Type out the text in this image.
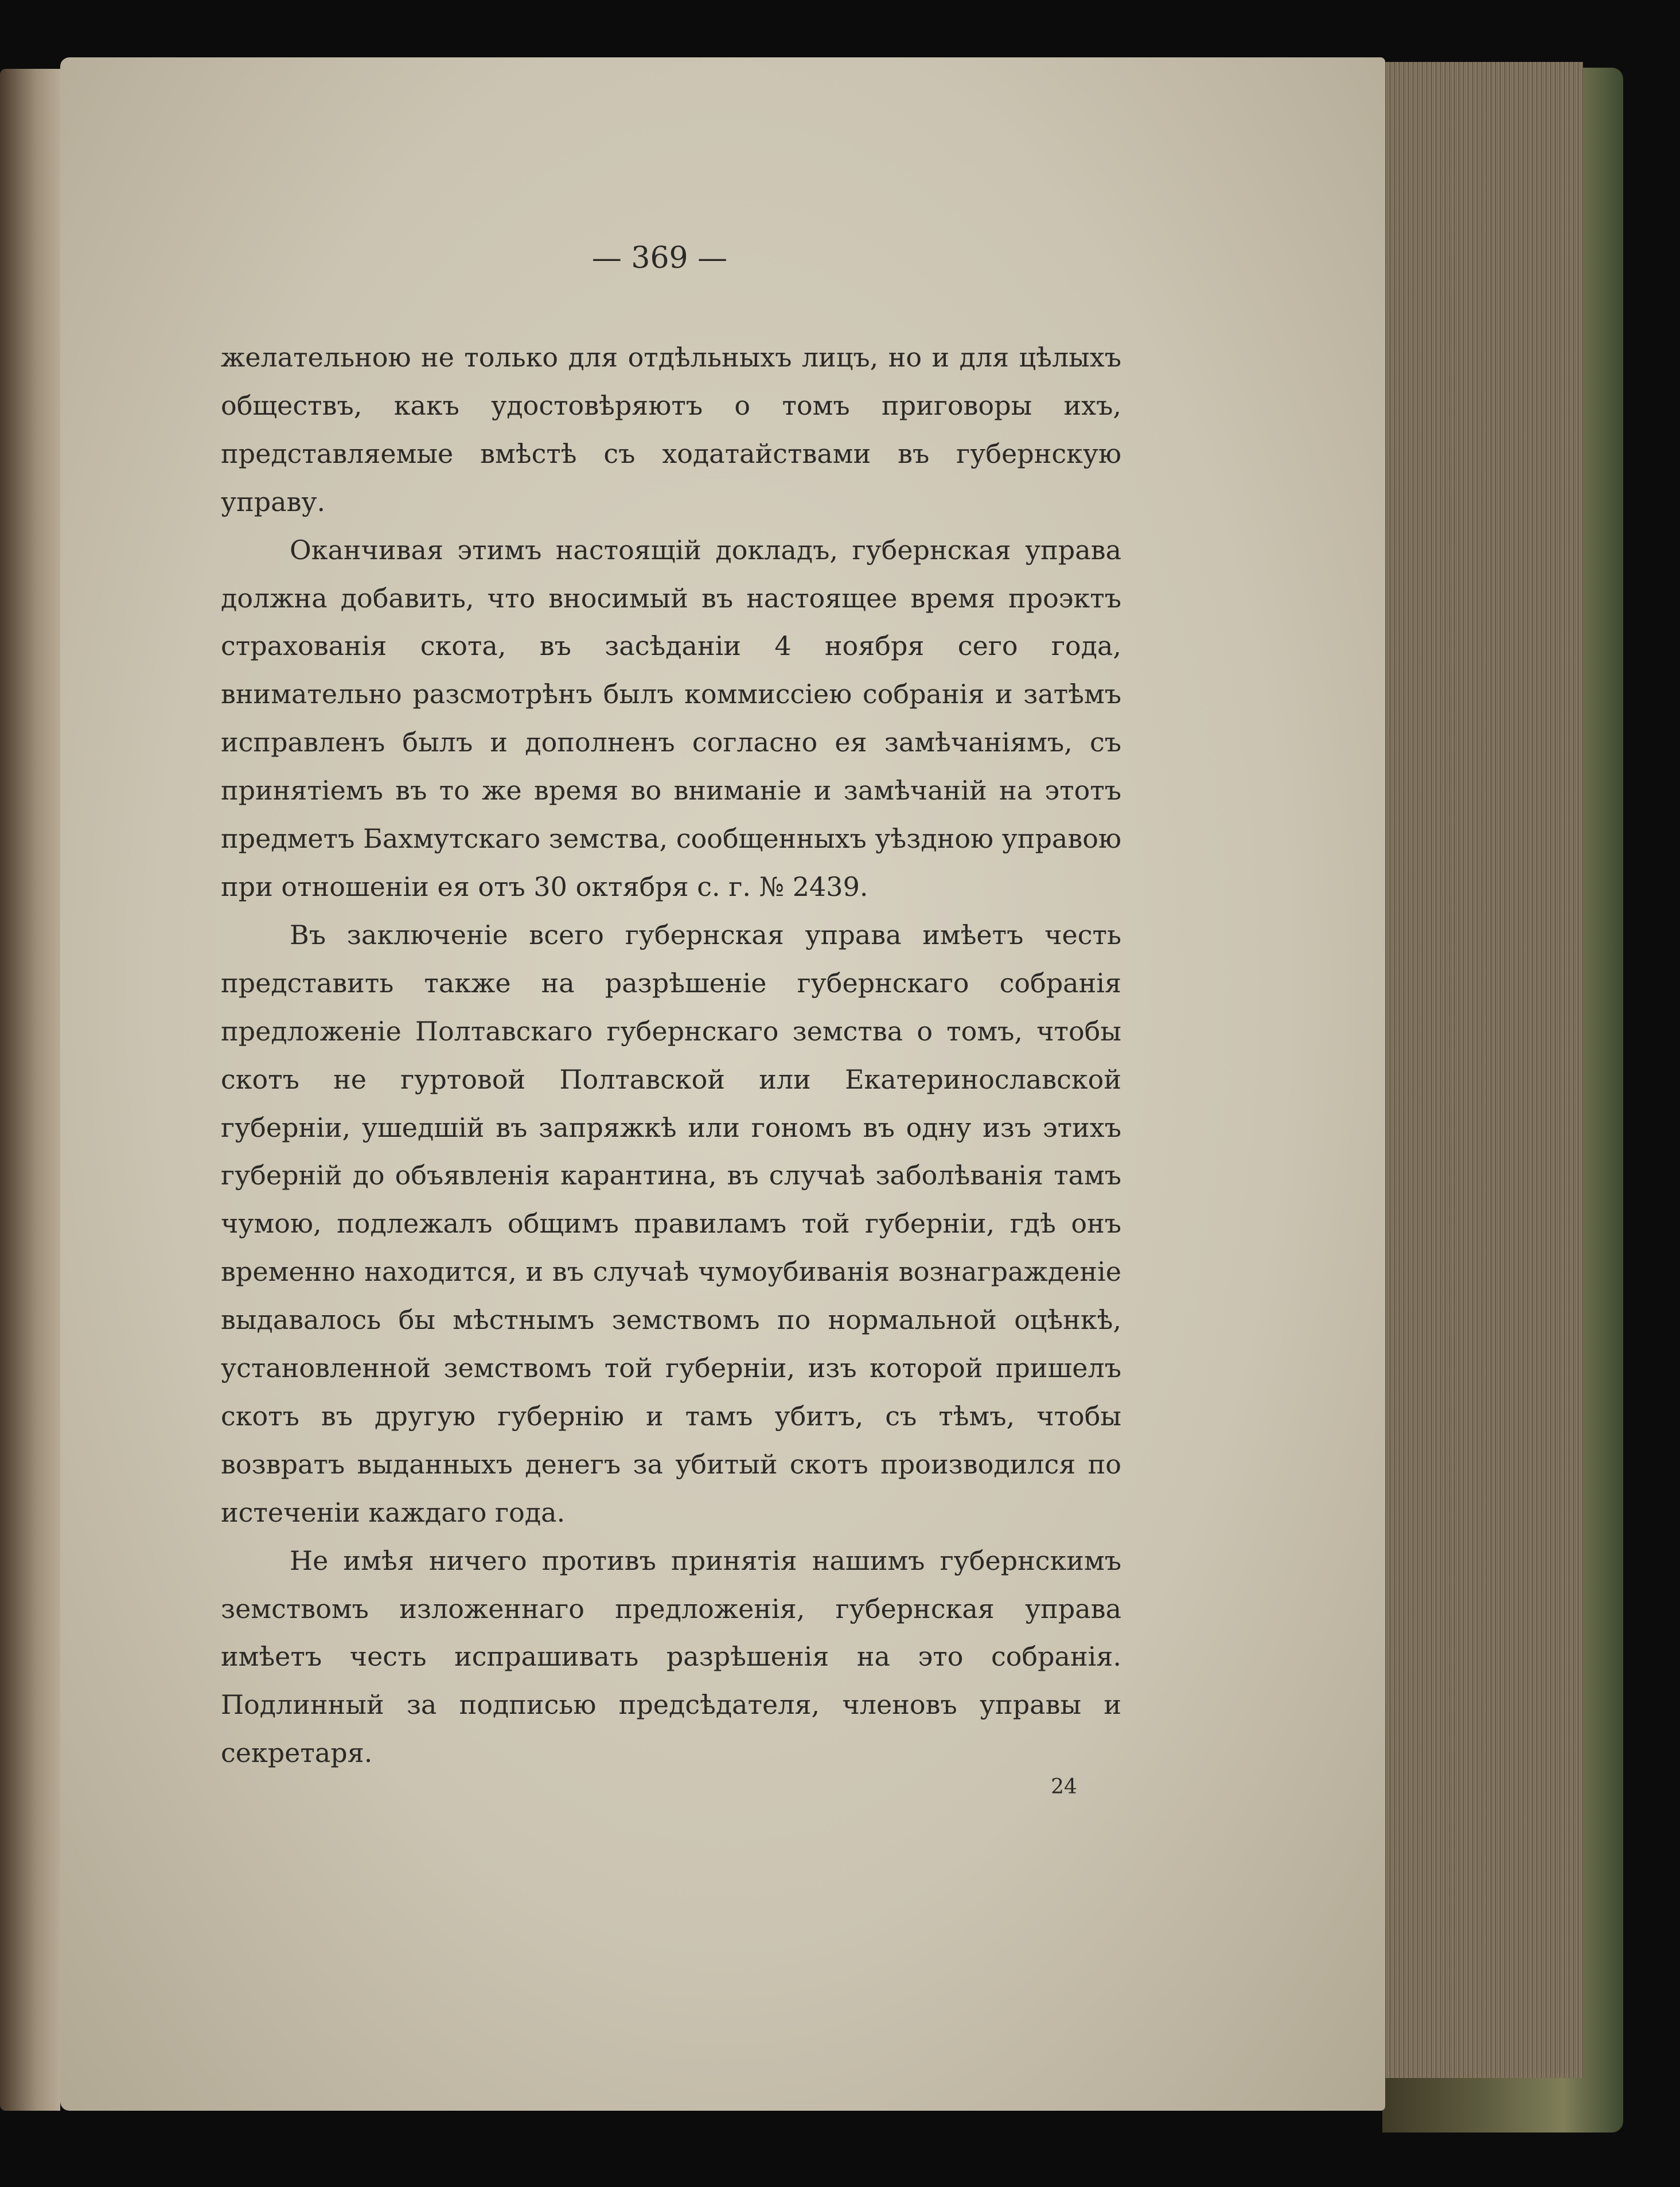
— 369 —

желательною не только для отдѣльныхъ лицъ, но и для цѣлыхъ обществъ, какъ удостовѣряютъ о томъ приговоры ихъ, представляемые вмѣстѣ съ ходатайствами въ губернскую управу.

Оканчивая этимъ настоящій докладъ, губернская управа должна добавить, что вносимый въ настоящее время проэктъ страхованія скота, въ засѣданіи 4 ноября сего года, внимательно разсмотрѣнъ былъ коммиссіею собранія и затѣмъ исправленъ былъ и дополненъ согласно ея замѣчаніямъ, съ принятіемъ въ то же время во вниманіе и замѣчаній на этотъ предметъ Бахмутскаго земства, сообщенныхъ уѣздною управою при отношеніи ея отъ 30 октября с. г. № 2439.

Въ заключеніе всего губернская управа имѣетъ честь представить также на разрѣшеніе губернскаго собранія предложеніе Полтавскаго губернскаго земства о томъ, чтобы скотъ не гуртовой Полтавской или Екатеринославской губерніи, ушедшій въ запряжкѣ или гономъ въ одну изъ этихъ губерній до объявленія карантина, въ случаѣ заболѣванія тамъ чумою, подлежалъ общимъ правиламъ той губерніи, гдѣ онъ временно находится, и въ случаѣ чумоубиванія вознагражденіе выдавалось бы мѣстнымъ земствомъ по нормальной оцѣнкѣ, установленной земствомъ той губерніи, изъ которой пришелъ скотъ въ другую губернію и тамъ убитъ, съ тѣмъ, чтобы возвратъ выданныхъ денегъ за убитый скотъ производился по истеченіи каждаго года.

Не имѣя ничего противъ принятія нашимъ губернскимъ земствомъ изложеннаго предложенія, губернская управа имѣетъ честь испрашивать разрѣшенія на это собранія. Подлинный за подписью предсѣдателя, членовъ управы и секретаря.

24
